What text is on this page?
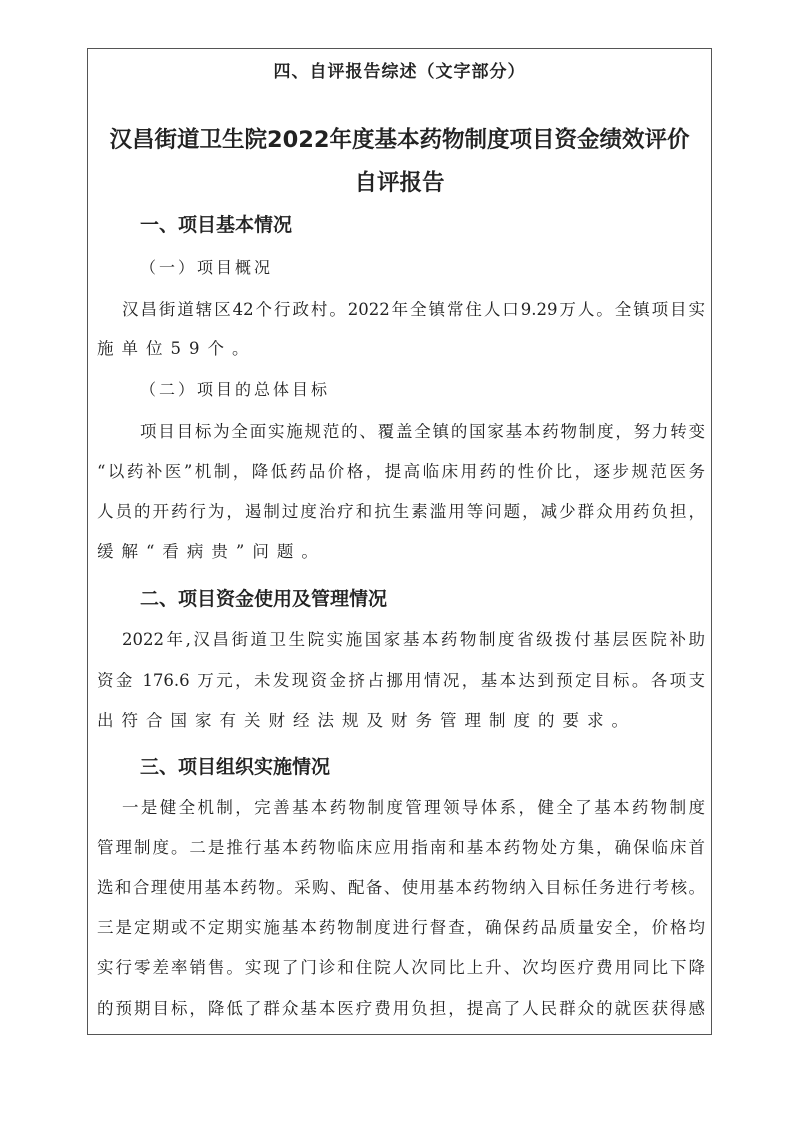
四、自评报告综述（文字部分）
汉昌街道卫生院2022年度基本药物制度项目资金绩效评价
自评报告
一、项目基本情况
（一）项目概况
汉昌街道辖区42个行政村。2022年全镇常住人口9.29万人。全镇项目实
施单位59个。
（二）项目的总体目标
项目目标为全面实施规范的、覆盖全镇的国家基本药物制度，努力转变
“以药补医”机制，降低药品价格，提高临床用药的性价比，逐步规范医务
人员的开药行为，遏制过度治疗和抗生素滥用等问题，减少群众用药负担，
缓解“看病贵”问题。
二、项目资金使用及管理情况
2022年,汉昌街道卫生院实施国家基本药物制度省级拨付基层医院补助
资金 176.6 万元，未发现资金挤占挪用情况，基本达到预定目标。各项支
出符合国家有关财经法规及财务管理制度的要求。
三、项目组织实施情况
一是健全机制，完善基本药物制度管理领导体系，健全了基本药物制度
管理制度。二是推行基本药物临床应用指南和基本药物处方集，确保临床首
选和合理使用基本药物。采购、配备、使用基本药物纳入目标任务进行考核。
三是定期或不定期实施基本药物制度进行督查，确保药品质量安全，价格均
实行零差率销售。实现了门诊和住院人次同比上升、次均医疗费用同比下降
的预期目标，降低了群众基本医疗费用负担，提高了人民群众的就医获得感
